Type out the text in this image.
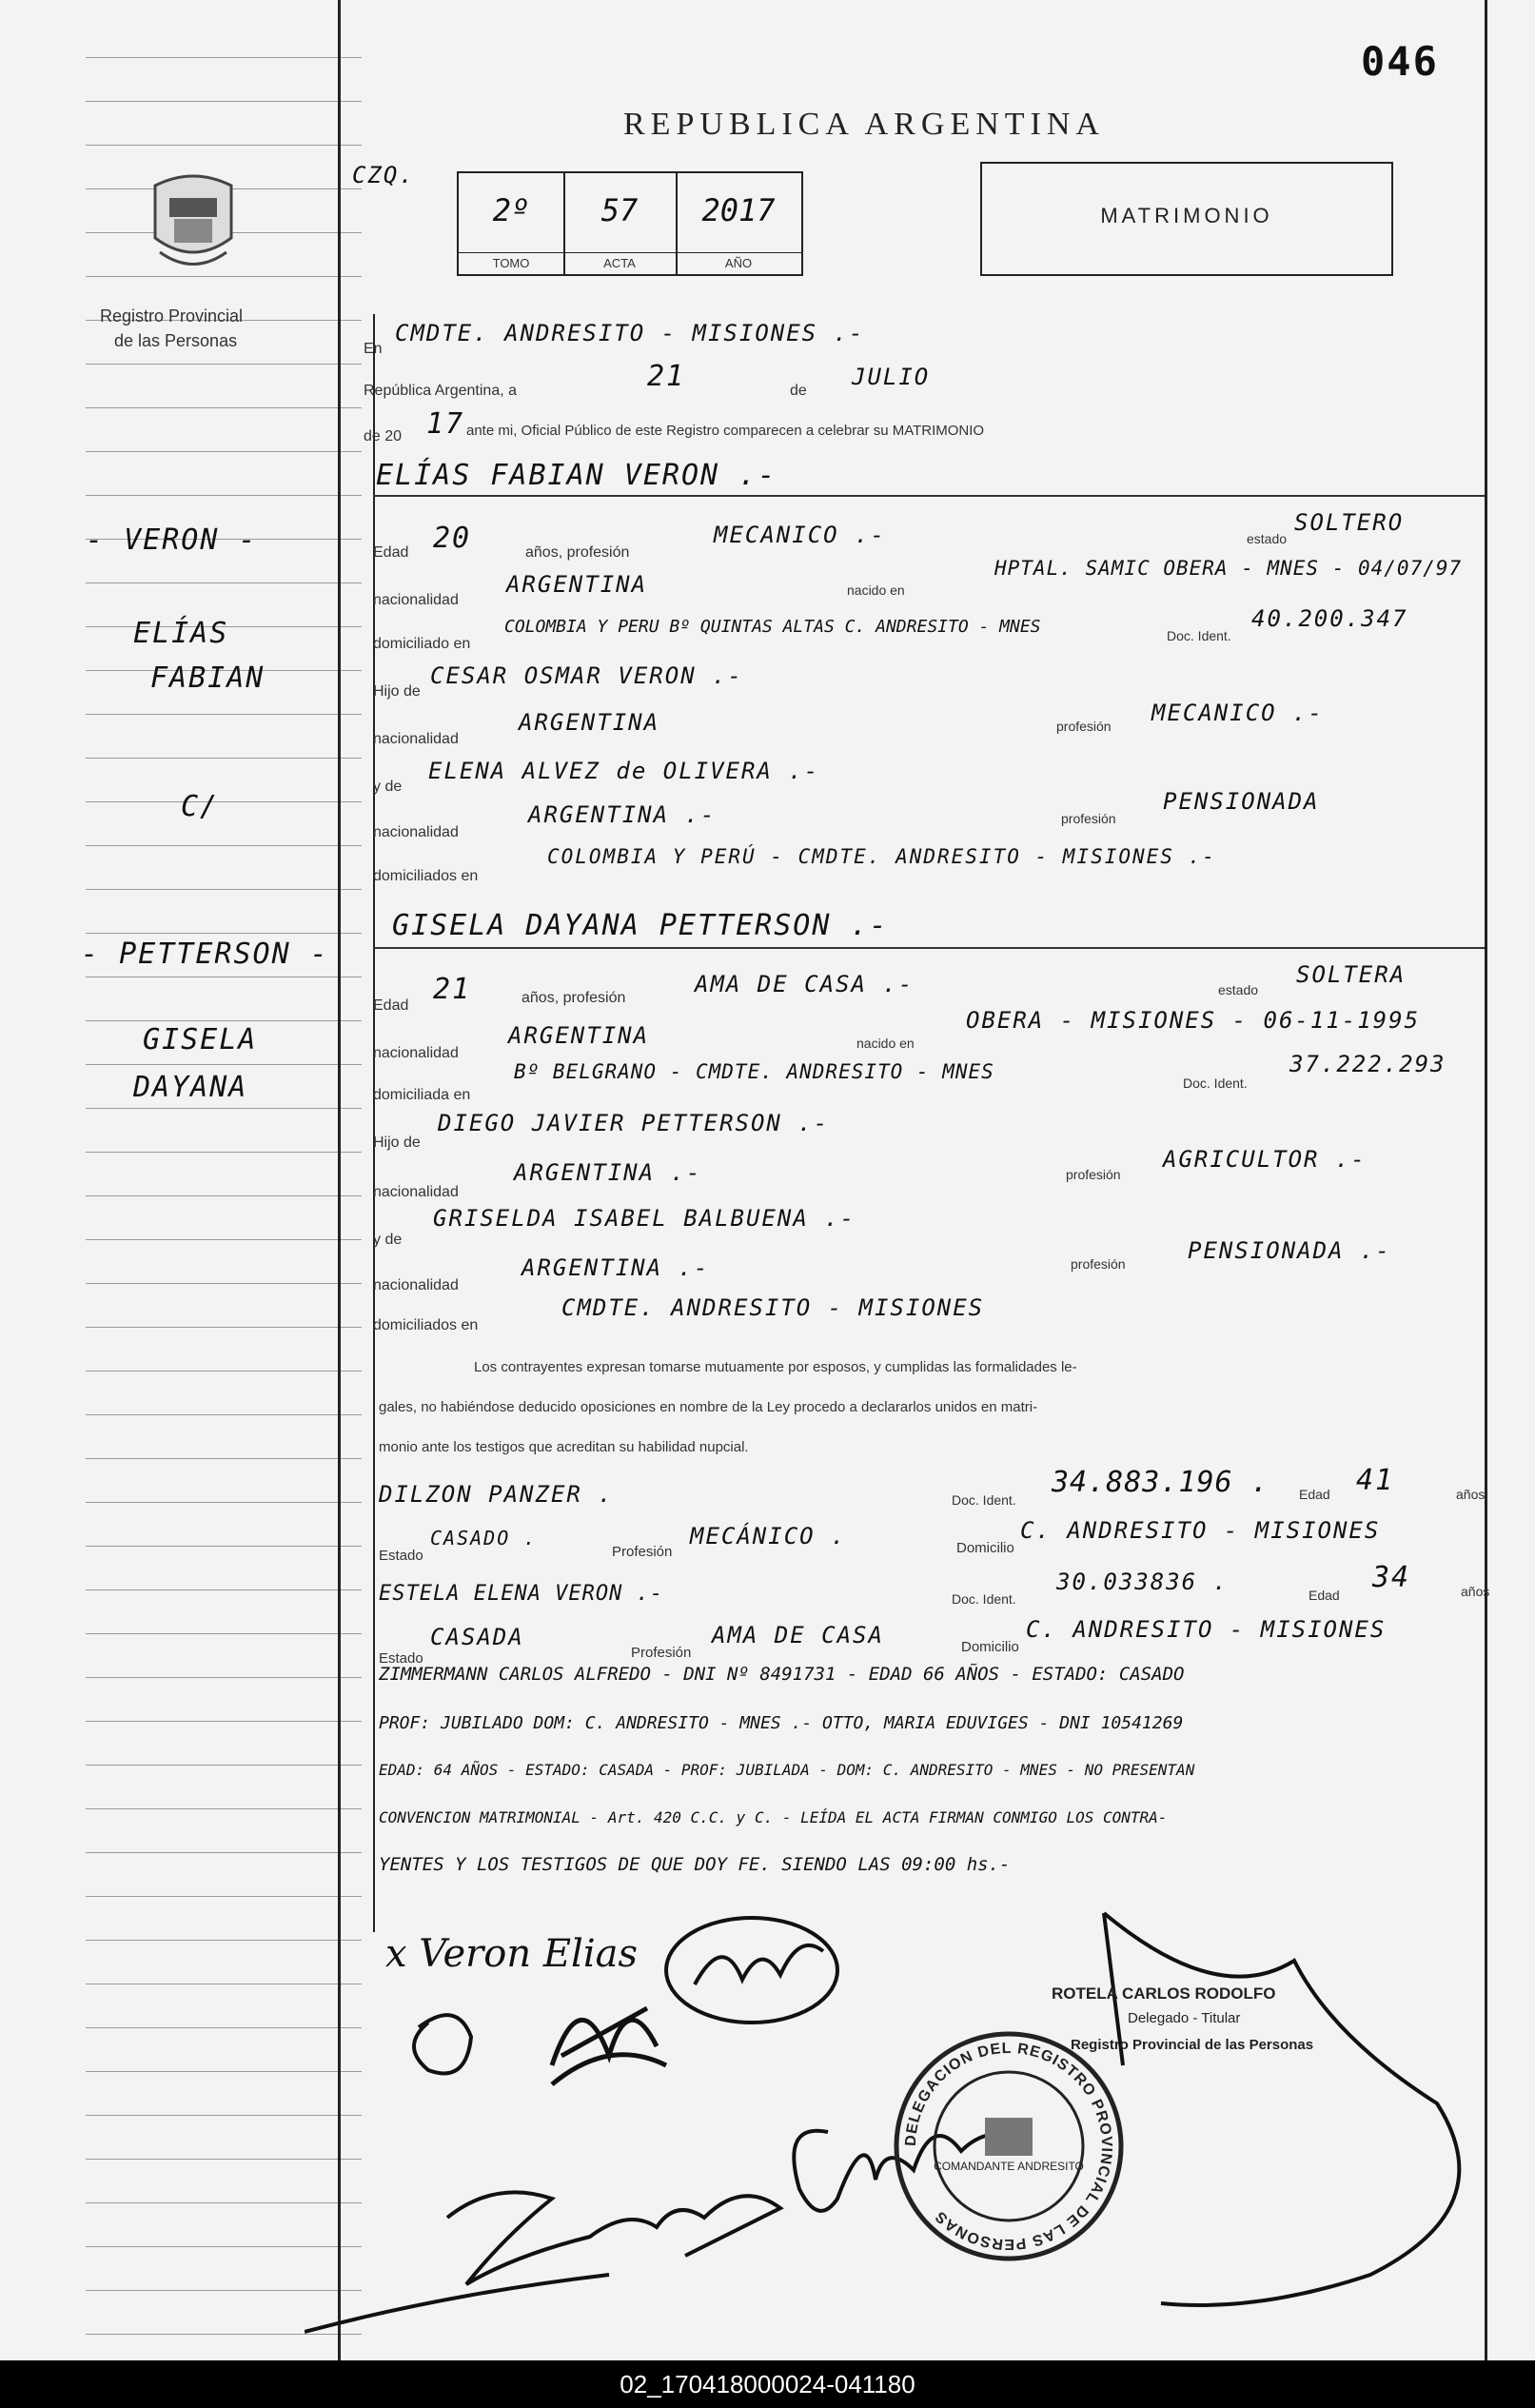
046
CZQ.
REPUBLICA ARGENTINA
Registro Provincial
de las Personas
2º
TOMO
57
ACTA
2017
AÑO
MATRIMONIO
En
CMDTE. ANDRESITO - MISIONES .-
República Argentina, a	21	de
JULIO
de 20 17 ante mi, Oficial Público de este Registro comparecen a celebrar su MATRIMONIO
- VERON -
ELÍAS
FABIAN
C/
- PETTERSON -
GISELA
DAYANA
ELÍAS FABIAN VERON .-
Edad 20	años, profesión
MECANICO .-	estado
SOLTERO
nacionalidad
ARGENTINA	nacido en
HPTAL. SAMIC OBERA - MNES - 04/07/97
domiciliado en
COLOMBIA Y PERU Bº QUINTAS ALTAS C. ANDRESITO - MNES	Doc. Ident.
40.200.347
Hijo de
CESAR OSMAR VERON .-
nacionalidad
ARGENTINA	profesión MECANICO .-
y de
ELENA ALVEZ de OLIVERA .-
nacionalidad
ARGENTINA .-	profesión
PENSIONADA
domiciliados en
COLOMBIA Y PERÚ - CMDTE. ANDRESITO - MISIONES .-
GISELA DAYANA PETTERSON .-
Edad 21	años, profesión
AMA DE CASA .-	estado
SOLTERA
nacionalidad
ARGENTINA	nacido en
OBERA - MISIONES - 06-11-1995
domiciliada en
Bº BELGRANO - CMDTE. ANDRESITO - MNES	Doc. Ident.
37.222.293
Hijo de
DIEGO JAVIER PETTERSON .-
nacionalidad
ARGENTINA .-	profesión
AGRICULTOR .-
y de
GRISELDA ISABEL BALBUENA .-
nacionalidad
ARGENTINA .-	profesión	PENSIONADA .-
domiciliados en
CMDTE. ANDRESITO - MISIONES
Los contrayentes expresan tomarse mutuamente por esposos, y cumplidas las formalidades le-
gales, no habiéndose deducido oposiciones en nombre de la Ley procedo a declararlos unidos en matri-
monio ante los testigos que acreditan su habilidad nupcial.
DILZON PANZER .	Doc. Ident.
34.883.196 . Edad 41	años
Estado
CASADO .
Profesión
MECÁNICO .	Domicilio
C. ANDRESITO - MISIONES
ESTELA ELENA VERON .-	Doc. Ident.
30.033836 .	Edad
34	años
Estado
CASADA
Profesión
AMA DE CASA	Domicilio
C. ANDRESITO - MISIONES
ZIMMERMANN CARLOS ALFREDO - DNI Nº 8491731 - EDAD 66 AÑOS - ESTADO: CASADO
PROF: JUBILADO DOM: C. ANDRESITO - MNES .- OTTO, MARIA EDUVIGES - DNI 10541269
EDAD: 64 AÑOS - ESTADO: CASADA - PROF: JUBILADA - DOM: C. ANDRESITO - MNES - NO PRESENTAN
CONVENCION MATRIMONIAL - Art. 420 C.C. y C. - LEÍDA EL ACTA FIRMAN CONMIGO LOS CONTRA-
YENTES Y LOS TESTIGOS DE QUE DOY FE. SIENDO LAS 09:00 hs.-
x Veron Elias
ROTELA CARLOS RODOLFO
Delegado - Titular
Registro Provincial de las Personas
DELEGACION DEL REGISTRO PROVINCIAL DE LAS PERSONAS
COMANDANTE ANDRESITO
02_170418000024-041180
